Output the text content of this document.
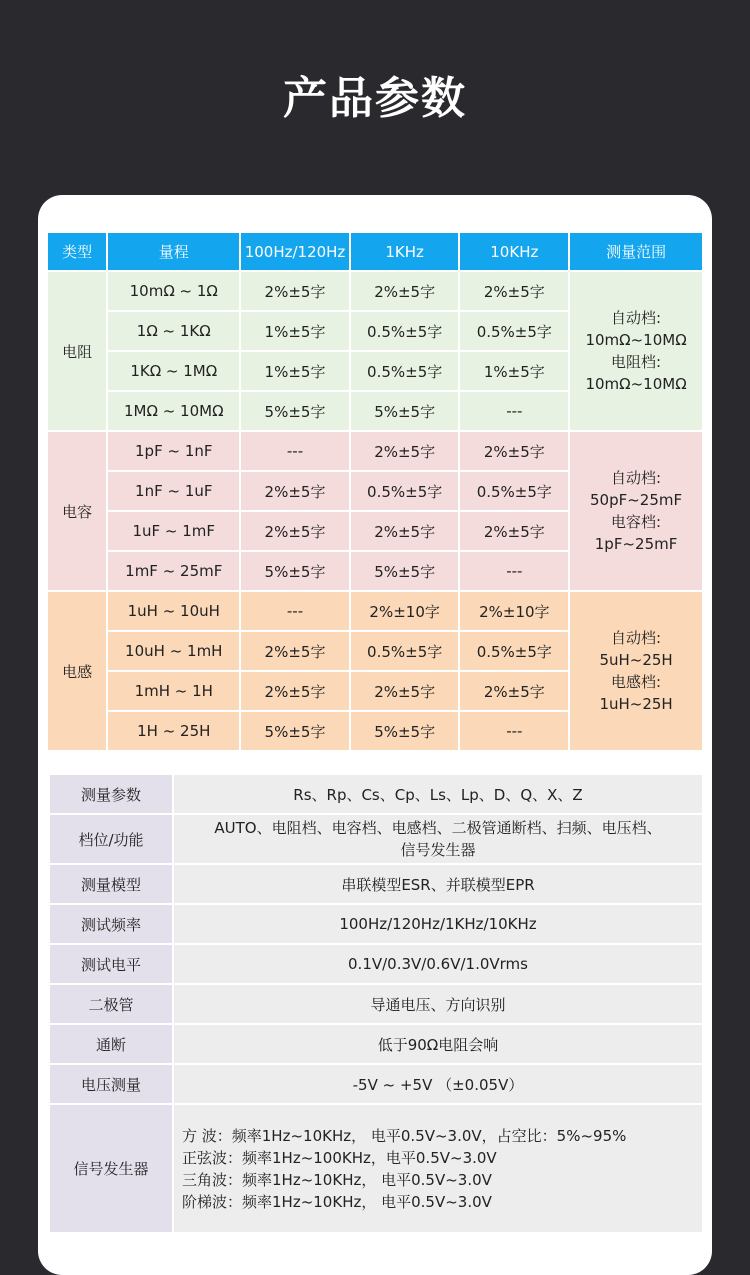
产品参数
类型	量程	100Hz/120Hz	1KHz	10KHz	测量范围
电阻	10mΩ ~ 1Ω	2%±5字	2%±5字	2%±5字	自动档:
10mΩ~10MΩ
电阻档:
10mΩ~10MΩ

	1Ω ~ 1KΩ	1%±5字	0.5%±5字	0.5%±5字	
	1KΩ ~ 1MΩ	1%±5字	0.5%±5字	1%±5字	
	1MΩ ~ 10MΩ	5%±5字	5%±5字	---	
电容	1pF ~ 1nF	---	2%±5字	2%±5字	自动档:
50pF~25mF
电容档:
1pF~25mF

	1nF ~ 1uF	2%±5字	0.5%±5字	0.5%±5字	
	1uF ~ 1mF	2%±5字	2%±5字	2%±5字	
	1mF ~ 25mF	5%±5字	5%±5字	---	
电感	1uH ~ 10uH	---	2%±10字	2%±10字	自动档:
5uH~25H
电感档:
1uH~25H

	10uH ~ 1mH	2%±5字	0.5%±5字	0.5%±5字	
	1mH ~ 1H	2%±5字	2%±5字	2%±5字	
	1H ~ 25H	5%±5字	5%±5字	---	
测量参数	Rs、Rp、Cs、Cp、Ls、Lp、D、Q、X、Z
档位/功能	AUTO、电阻档、电容档、电感档、二极管通断档、扫频、电压档、
信号发生器

测量模型	串联模型ESR、并联模型EPR
测试频率	100Hz/120Hz/1KHz/10KHz
测试电平	0.1V/0.3V/0.6V/1.0Vrms
二极管	导通电压、方向识别
通断	低于90Ω电阻会响
电压测量	-5V ~ +5V （±0.05V）
信号发生器	方 波：频率1Hz~10KHz， 电平0.5V~3.0V，占空比：5%~95%
正弦波：频率1Hz~100KHz，电平0.5V~3.0V
三角波：频率1Hz~10KHz， 电平0.5V~3.0V
阶梯波：频率1Hz~10KHz， 电平0.5V~3.0V
